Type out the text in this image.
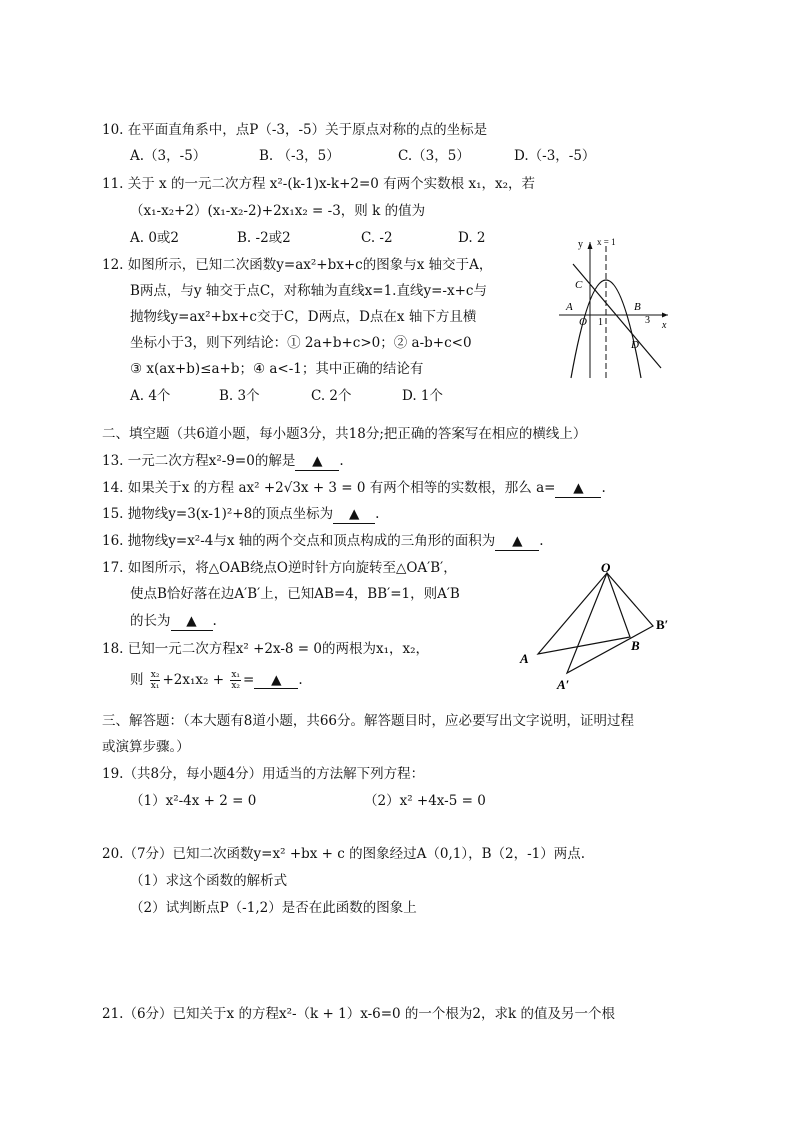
10. 在平面直角系中，点P（-3，-5）关于原点对称的点的坐标是
A.（3，-5）	B. （-3，5）	C.（3，5）	D.（-3，-5）
11. 关于 x 的一元二次方程 x²-(k-1)x-k+2=0 有两个实数根 x₁，x₂，若
（x₁-x₂+2）(x₁-x₂-2)+2x₁x₂ = -3，则 k 的值为
A. 0或2	B. -2或2	C. -2	D. 2
12. 如图所示，已知二次函数y=ax²+bx+c的图象与x 轴交于A，
B两点，与y 轴交于点C，对称轴为直线x=1.直线y=-x+c与
抛物线y=ax²+bx+c交于C，D两点，D点在x 轴下方且横
坐标小于3，则下列结论：① 2a+b+c>0；② a-b+c<0
③ x(ax+b)≤a+b；④ a<-1；其中正确的结论有
A. 4个	B. 3个	C. 2个	D. 1个
y x = 1
x
O 1	3
A	B
C
D
二、填空题（共6道小题，每小题3分，共18分;把正确的答案写在相应的横线上）
13. 一元二次方程x²-9=0的解是 ▲ .
14. 如果关于x 的方程 ax² +2√3x + 3 = 0 有两个相等的实数根，那么 a= ▲ .
15. 抛物线y=3(x-1)²+8的顶点坐标为 ▲ .
16. 抛物线y=x²-4与x 轴的两个交点和顶点构成的三角形的面积为 ▲ .
17. 如图所示，将△OAB绕点O逆时针方向旋转至△OA′B′，
使点B恰好落在边A′B′上，已知AB=4，BB′=1，则A′B
的长为 ▲ .
O
A
B
A′
B′
18. 已知一元二次方程x² +2x-8 = 0的两根为x₁，x₂，
则 $\frac{\text{x₂}}{\text{x₁}} +2x_1x_2 + \frac{\text{x₁}}{\text{x₂}}$ = ▲ .
三、解答题：（本大题有8道小题，共66分。解答题目时，应必要写出文字说明，证明过程
或演算步骤。）
19.（共8分，每小题4分）用适当的方法解下列方程：
（1）x²-4x + 2 = 0	（2）x² +4x-5 = 0
20.（7分）已知二次函数y=x² +bx + c 的图象经过A（0,1），B（2，-1）两点.
（1）求这个函数的解析式
（2）试判断点P（-1,2）是否在此函数的图象上
21.（6分）已知关于x 的方程x²-（k + 1）x-6=0 的一个根为2，求k 的值及另一个根
